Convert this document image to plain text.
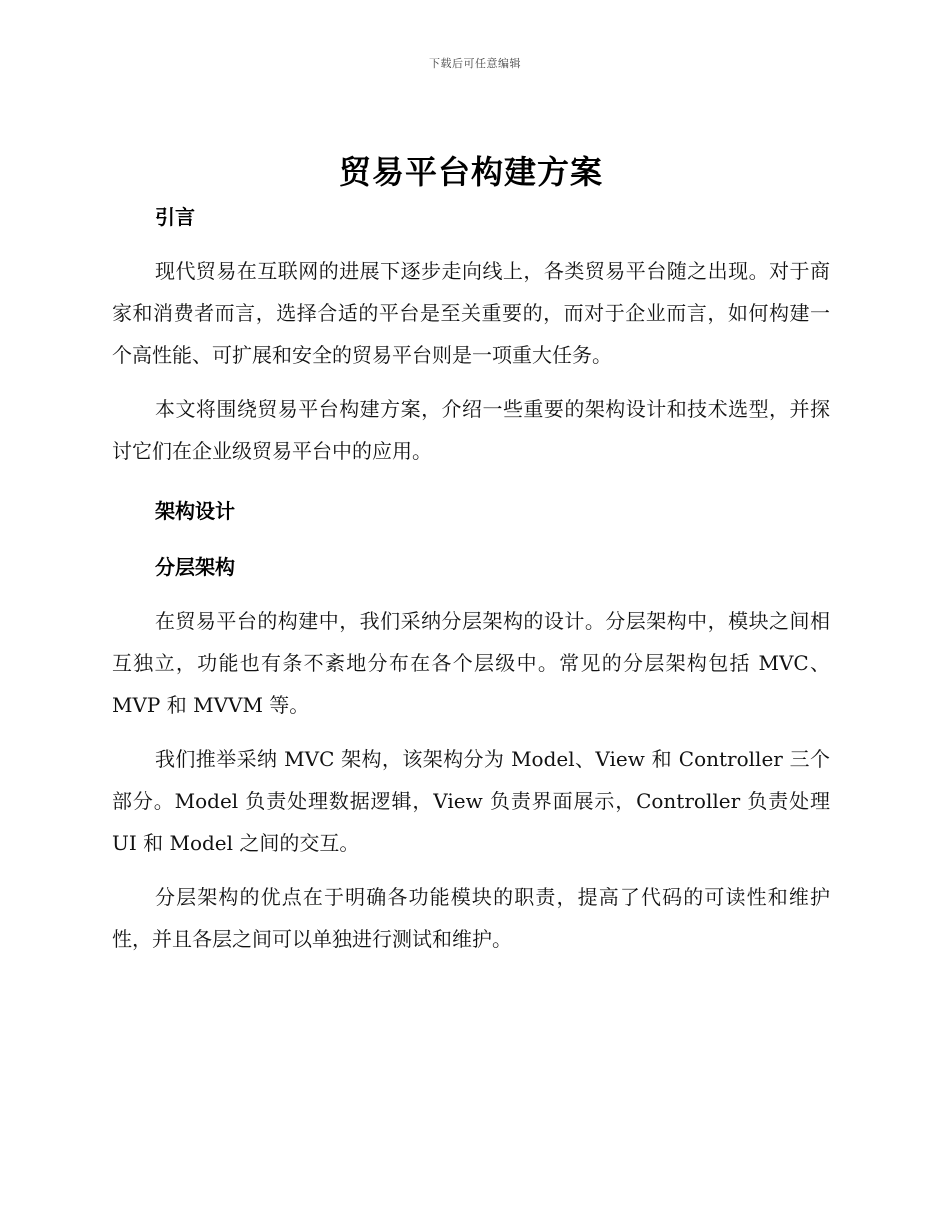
下载后可任意编辑
贸易平台构建方案
引言

现代贸易在互联网的进展下逐步走向线上，各类贸易平台随之出现。对于商家和消费者而言，选择合适的平台是至关重要的，而对于企业而言，如何构建一个高性能、可扩展和安全的贸易平台则是一项重大任务。

本文将围绕贸易平台构建方案，介绍一些重要的架构设计和技术选型，并探讨它们在企业级贸易平台中的应用。

架构设计
分层架构

在贸易平台的构建中，我们采纳分层架构的设计。分层架构中，模块之间相互独立，功能也有条不紊地分布在各个层级中。常见的分层架构包括 MVC、MVP 和 MVVM 等。

我们推举采纳 MVC 架构，该架构分为 Model、View 和 Controller 三个部分。Model 负责处理数据逻辑，View 负责界面展示，Controller 负责处理 UI 和 Model 之间的交互。

分层架构的优点在于明确各功能模块的职责，提高了代码的可读性和维护性，并且各层之间可以单独进行测试和维护。
